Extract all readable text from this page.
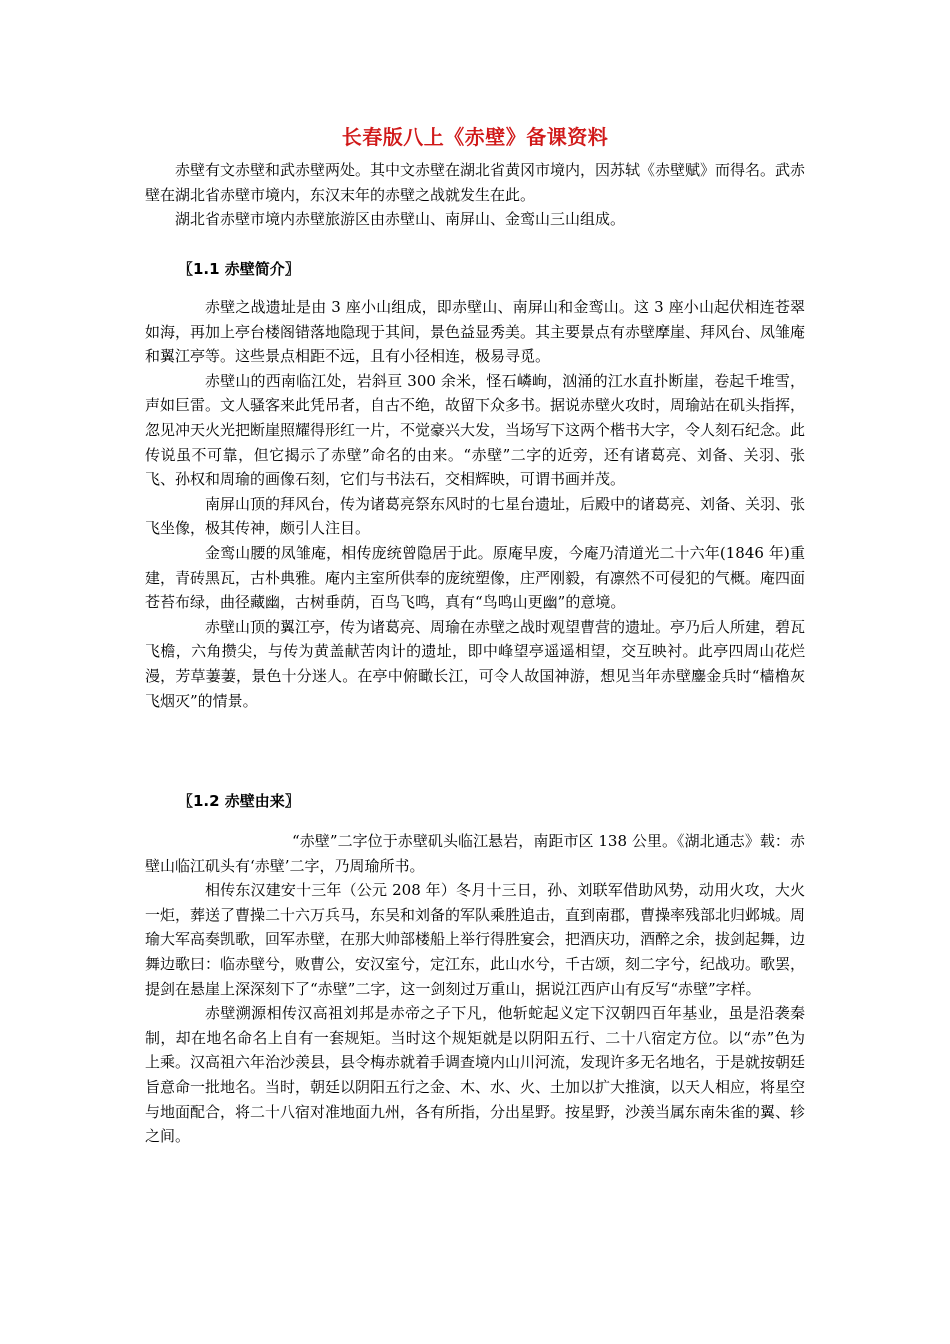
长春版八上《赤壁》备课资料

赤壁有文赤壁和武赤壁两处。其中文赤壁在湖北省黄冈市境内，因苏轼《赤壁赋》而得名。武赤壁在湖北省赤壁市境内，东汉末年的赤壁之战就发生在此。

湖北省赤壁市境内赤壁旅游区由赤壁山、南屏山、金鸾山三山组成。

〖1.1 赤壁简介〗

赤壁之战遗址是由 3 座小山组成，即赤壁山、南屏山和金鸾山。这 3 座小山起伏相连苍翠如海，再加上亭台楼阁错落地隐现于其间，景色益显秀美。其主要景点有赤壁摩崖、拜风台、凤雏庵和翼江亭等。这些景点相距不远，且有小径相连，极易寻觅。

赤壁山的西南临江处，岩斜亘 300 余米，怪石嶙峋，汹涌的江水直扑断崖，卷起千堆雪，声如巨雷。文人骚客来此凭吊者，自古不绝，故留下众多书。据说赤壁火攻时，周瑜站在矶头指挥，忽见冲天火光把断崖照耀得形红一片，不觉豪兴大发，当场写下这两个楷书大字，令人刻石纪念。此传说虽不可靠，但它揭示了赤壁”命名的由来。“赤壁”二字的近旁，还有诸葛亮、刘备、关羽、张飞、孙权和周瑜的画像石刻，它们与书法石，交相辉映，可谓书画并茂。

南屏山顶的拜风台，传为诸葛亮祭东风时的七星台遗址，后殿中的诸葛亮、刘备、关羽、张飞坐像，极其传神，颇引人注目。

金鸾山腰的凤雏庵，相传庞统曾隐居于此。原庵早废，今庵乃清道光二十六年(1846 年)重建，青砖黑瓦，古朴典雅。庵内主室所供奉的庞统塑像，庄严刚毅，有凛然不可侵犯的气概。庵四面苍苔布绿，曲径藏幽，古树垂荫，百鸟飞鸣，真有“鸟鸣山更幽”的意境。

赤壁山顶的翼江亭，传为诸葛亮、周瑜在赤壁之战时观望曹营的遗址。亭乃后人所建，碧瓦飞檐，六角攒尖，与传为黄盖献苦肉计的遗址，即中峰望亭遥遥相望，交互映衬。此亭四周山花烂漫，芳草萋萋，景色十分迷人。在亭中俯瞰长江，可令人故国神游，想见当年赤壁鏖金兵时“樯橹灰飞烟灭”的情景。

〖1.2 赤壁由来〗

“赤壁”二字位于赤壁矶头临江悬岩，南距市区 138 公里。《湖北通志》载：赤壁山临江矶头有‘赤壁’二字，乃周瑜所书。

相传东汉建安十三年（公元 208 年）冬月十三日，孙、刘联军借助风势，动用火攻，大火一炬，葬送了曹操二十六万兵马，东吴和刘备的军队乘胜追击，直到南郡，曹操率残部北归邺城。周瑜大军高奏凯歌，回军赤壁，在那大帅部楼船上举行得胜宴会，把酒庆功，酒醉之余，拔剑起舞，边舞边歌曰：临赤壁兮，败曹公，安汉室兮，定江东，此山水兮，千古颂，刻二字兮，纪战功。歌罢，提剑在悬崖上深深刻下了“赤壁”二字，这一剑刻过万重山，据说江西庐山有反写“赤壁”字样。

赤壁溯源相传汉高祖刘邦是赤帝之子下凡，他斩蛇起义定下汉朝四百年基业，虽是沿袭秦制，却在地名命名上自有一套规矩。当时这个规矩就是以阴阳五行、二十八宿定方位。以“赤”色为上乘。汉高祖六年治沙羡县，县令梅赤就着手调查境内山川河流，发现许多无名地名，于是就按朝廷旨意命一批地名。当时，朝廷以阴阳五行之金、木、水、火、土加以扩大推演，以天人相应，将星空与地面配合，将二十八宿对准地面九州，各有所指，分出星野。按星野，沙羡当属东南朱雀的翼、轸之间。
